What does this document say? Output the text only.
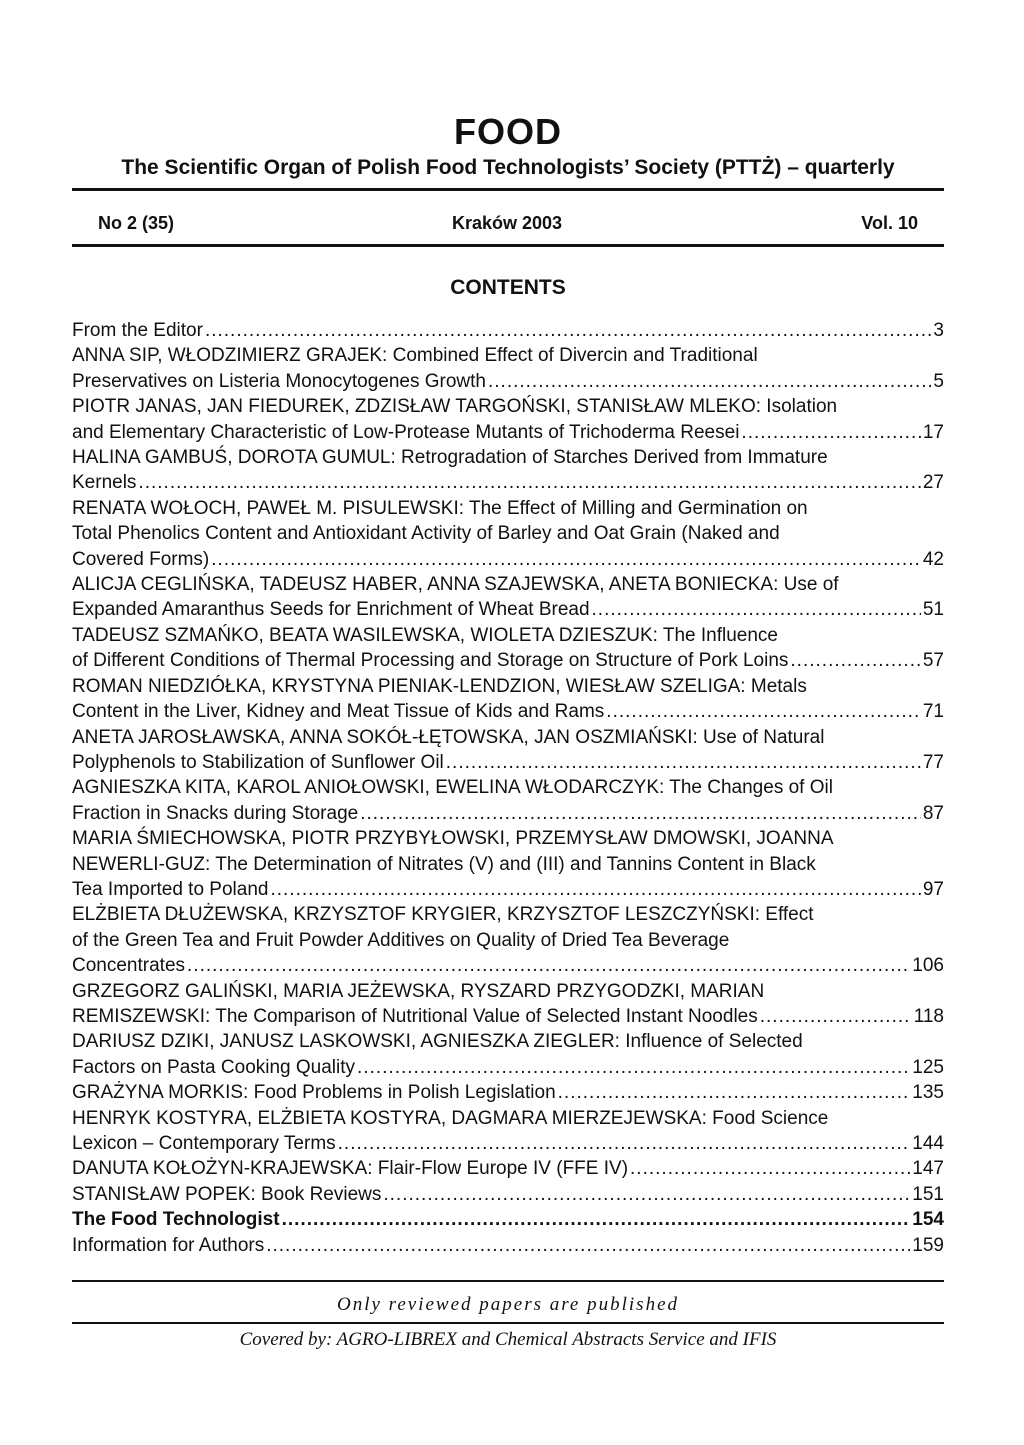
FOOD
The Scientific Organ of Polish Food Technologists’ Society (PTTŻ) – quarterly
No 2 (35)	Kraków 2003	Vol. 10
CONTENTS
From the Editor .....	3
ANNA SIP, WŁODZIMIERZ GRAJEK: Combined Effect of Divercin and Traditional
Preservatives on Listeria Monocytogenes Growth .....	5
PIOTR JANAS, JAN FIEDUREK, ZDZISŁAW TARGOŃSKI, STANISŁAW MLEKO: Isolation
and Elementary Characteristic of Low-Protease Mutants of Trichoderma Reesei .....	17
HALINA GAMBUŚ, DOROTA GUMUL: Retrogradation of Starches Derived from Immature
Kernels .....	27
RENATA WOŁOCH, PAWEŁ M. PISULEWSKI: The Effect of Milling and Germination on
Total Phenolics Content and Antioxidant Activity of Barley and Oat Grain (Naked and
Covered Forms) .....	42
ALICJA CEGLIŃSKA, TADEUSZ HABER, ANNA SZAJEWSKA, ANETA BONIECKA: Use of
Expanded Amaranthus Seeds for Enrichment of Wheat Bread .....	51
TADEUSZ SZMAŃKO, BEATA WASILEWSKA, WIOLETA DZIESZUK: The Influence
of Different Conditions of Thermal Processing and Storage on Structure of Pork Loins .....	57
ROMAN NIEDZIÓŁKA, KRYSTYNA PIENIAK-LENDZION, WIESŁAW SZELIGA: Metals
Content in the Liver, Kidney and Meat Tissue of Kids and Rams .....	71
ANETA JAROSŁAWSKA, ANNA SOKÓŁ-ŁĘTOWSKA, JAN OSZMIAŃSKI: Use of Natural
Polyphenols to Stabilization of Sunflower Oil .....	77
AGNIESZKA KITA, KAROL ANIOŁOWSKI, EWELINA WŁODARCZYK: The Changes of Oil
Fraction in Snacks during Storage .....	87
MARIA ŚMIECHOWSKA, PIOTR PRZYBYŁOWSKI, PRZEMYSŁAW DMOWSKI, JOANNA
NEWERLI-GUZ: The Determination of Nitrates (V) and (III) and Tannins Content in Black
Tea Imported to Poland .....	97
ELŻBIETA DŁUŻEWSKA, KRZYSZTOF KRYGIER, KRZYSZTOF LESZCZYŃSKI: Effect
of the Green Tea and Fruit Powder Additives on Quality of Dried Tea Beverage
Concentrates .....	106
GRZEGORZ GALIŃSKI, MARIA JEŻEWSKA, RYSZARD PRZYGODZKI, MARIAN
REMISZEWSKI: The Comparison of Nutritional Value of Selected Instant Noodles .....	118
DARIUSZ DZIKI, JANUSZ LASKOWSKI, AGNIESZKA ZIEGLER: Influence of Selected
Factors on Pasta Cooking Quality .....	125
GRAŻYNA MORKIS: Food Problems in Polish Legislation .....	135
HENRYK KOSTYRA, ELŻBIETA KOSTYRA, DAGMARA MIERZEJEWSKA: Food Science
Lexicon – Contemporary Terms .....	144
DANUTA KOŁOŻYN-KRAJEWSKA: Flair-Flow Europe IV (FFE IV) .....	147
STANISŁAW POPEK: Book Reviews .....	151
The Food Technologist .....	154
Information for Authors .....	159
Only reviewed papers are published
Covered by: AGRO-LIBREX and Chemical Abstracts Service and IFIS
